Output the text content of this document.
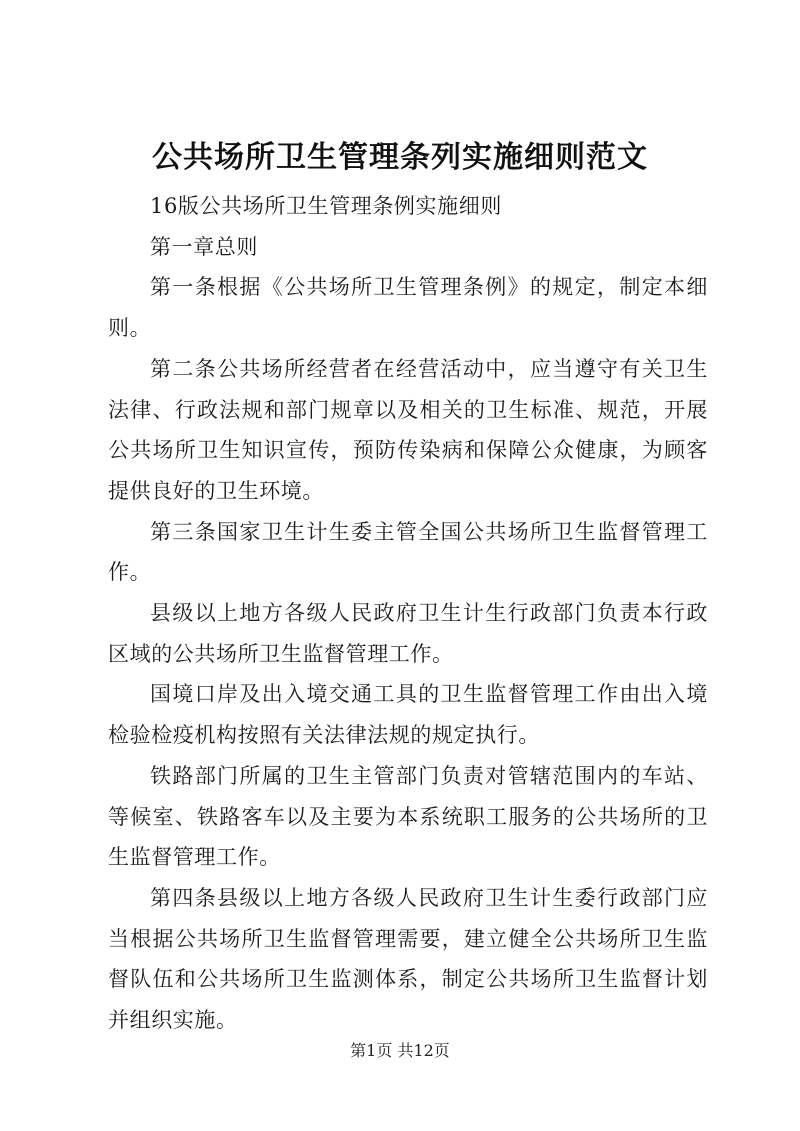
公共场所卫生管理条列实施细则范文

16版公共场所卫生管理条例实施细则

第一章总则

第一条根据《公共场所卫生管理条例》的规定，制定本细则。

第二条公共场所经营者在经营活动中，应当遵守有关卫生法律、行政法规和部门规章以及相关的卫生标准、规范，开展公共场所卫生知识宣传，预防传染病和保障公众健康，为顾客提供良好的卫生环境。

第三条国家卫生计生委主管全国公共场所卫生监督管理工作。

县级以上地方各级人民政府卫生计生行政部门负责本行政区域的公共场所卫生监督管理工作。

国境口岸及出入境交通工具的卫生监督管理工作由出入境检验检疫机构按照有关法律法规的规定执行。

铁路部门所属的卫生主管部门负责对管辖范围内的车站、等候室、铁路客车以及主要为本系统职工服务的公共场所的卫生监督管理工作。

第四条县级以上地方各级人民政府卫生计生委行政部门应当根据公共场所卫生监督管理需要，建立健全公共场所卫生监督队伍和公共场所卫生监测体系，制定公共场所卫生监督计划并组织实施。

第1页 共12页
